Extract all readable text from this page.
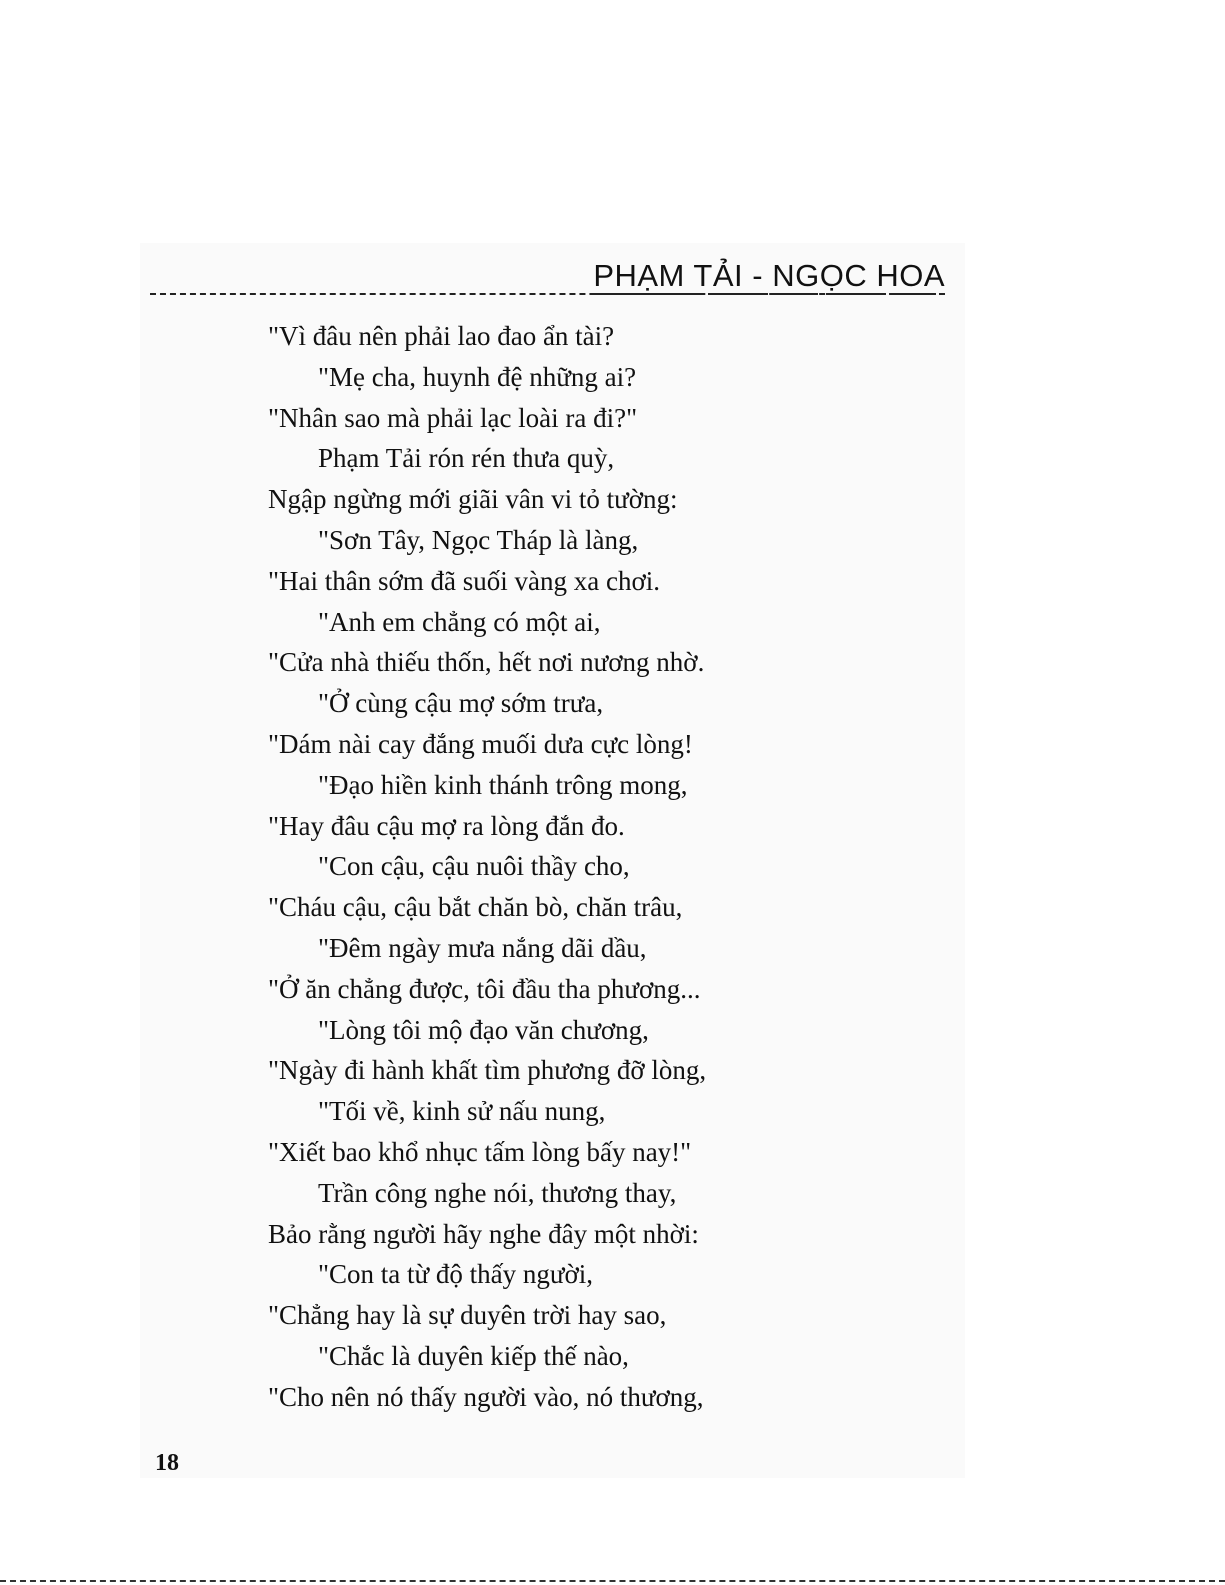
PHẠM TẢI - NGỌC HOA
"Vì đâu nên phải lao đao ẩn tài?
"Mẹ cha, huynh đệ những ai?
"Nhân sao mà phải lạc loài ra đi?"
Phạm Tải rón rén thưa quỳ,
Ngập ngừng mới giãi vân vi tỏ tường:
"Sơn Tây, Ngọc Tháp là làng,
"Hai thân sớm đã suối vàng xa chơi.
"Anh em chẳng có một ai,
"Cửa nhà thiếu thốn, hết nơi nương nhờ.
"Ở cùng cậu mợ sớm trưa,
"Dám nài cay đắng muối dưa cực lòng!
"Đạo hiền kinh thánh trông mong,
"Hay đâu cậu mợ ra lòng đắn đo.
"Con cậu, cậu nuôi thầy cho,
"Cháu cậu, cậu bắt chăn bò, chăn trâu,
"Đêm ngày mưa nắng dãi dầu,
"Ở ăn chẳng được, tôi đầu tha phương...
"Lòng tôi mộ đạo văn chương,
"Ngày đi hành khất tìm phương đỡ lòng,
"Tối về, kinh sử nấu nung,
"Xiết bao khổ nhục tấm lòng bấy nay!"
Trần công nghe nói, thương thay,
Bảo rằng người hãy nghe đây một nhời:
"Con ta từ độ thấy người,
"Chẳng hay là sự duyên trời hay sao,
"Chắc là duyên kiếp thế nào,
"Cho nên nó thấy người vào, nó thương,
18
